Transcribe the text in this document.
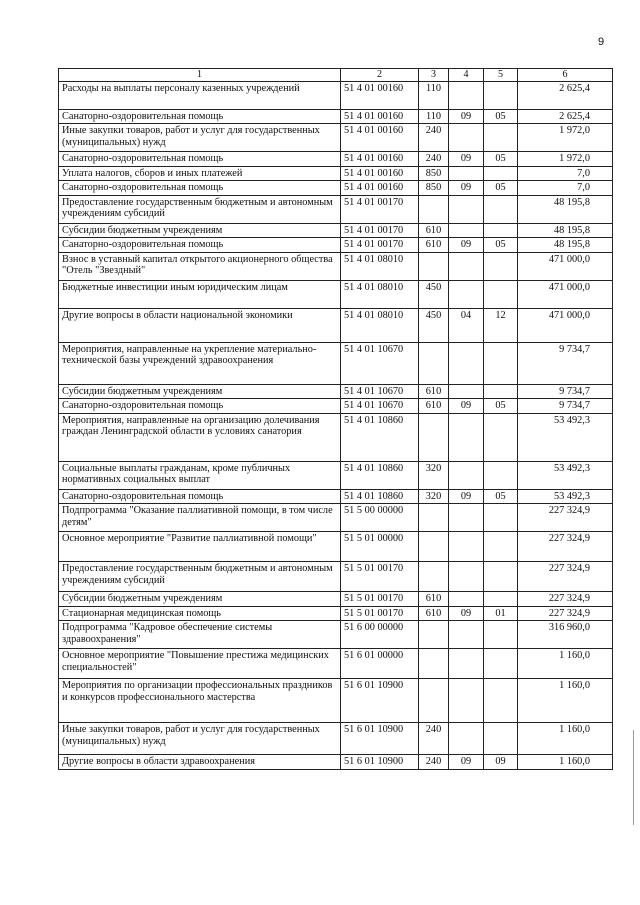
9
1	2	3	4	5	6
Расходы на выплаты персоналу казенных учреждений	51 4 01 00160	110			2 625,4
Санаторно-оздоровительная помощь	51 4 01 00160	110	09	05	2 625,4
Иные закупки товаров, работ и услуг для государственных (муниципальных) нужд	51 4 01 00160	240			1 972,0
Санаторно-оздоровительная помощь	51 4 01 00160	240	09	05	1 972,0
Уплата налогов, сборов и иных платежей	51 4 01 00160	850			7,0
Санаторно-оздоровительная помощь	51 4 01 00160	850	09	05	7,0
Предоставление государственным бюджетным и автономным учреждениям субсидий	51 4 01 00170				48 195,8
Субсидии бюджетным учреждениям	51 4 01 00170	610			48 195,8
Санаторно-оздоровительная помощь	51 4 01 00170	610	09	05	48 195,8
Взнос в уставный капитал открытого акционерного общества "Отель "Звездный"	51 4 01 08010				471 000,0
Бюджетные инвестиции иным юридическим лицам	51 4 01 08010	450			471 000,0
Другие вопросы в области национальной экономики	51 4 01 08010	450	04	12	471 000,0
Мероприятия, направленные на укрепление материально-технической базы учреждений здравоохранения	51 4 01 10670				9 734,7
Субсидии бюджетным учреждениям	51 4 01 10670	610			9 734,7
Санаторно-оздоровительная помощь	51 4 01 10670	610	09	05	9 734,7
Мероприятия, направленные на организацию долечивания граждан Ленинградской области в условиях санатория	51 4 01 10860				53 492,3
Социальные выплаты гражданам, кроме публичных нормативных социальных выплат	51 4 01 10860	320			53 492,3
Санаторно-оздоровительная помощь	51 4 01 10860	320	09	05	53 492,3
Подпрограмма "Оказание паллиативной помощи, в том числе детям"	51 5 00 00000				227 324,9
Основное мероприятие "Развитие паллиативной помощи"	51 5 01 00000				227 324,9
Предоставление государственным бюджетным и автономным учреждениям субсидий	51 5 01 00170				227 324,9
Субсидии бюджетным учреждениям	51 5 01 00170	610			227 324,9
Стационарная медицинская помощь	51 5 01 00170	610	09	01	227 324,9
Подпрограмма "Кадровое обеспечение системы здравоохранения"	51 6 00 00000				316 960,0
Основное мероприятие "Повышение престижа медицинских специальностей"	51 6 01 00000				1 160,0
Мероприятия по организации профессиональных праздников и конкурсов профессионального мастерства	51 6 01 10900				1 160,0
Иные закупки товаров, работ и услуг для государственных (муниципальных) нужд	51 6 01 10900	240			1 160,0
Другие вопросы в области здравоохранения	51 6 01 10900	240	09	09	1 160,0
